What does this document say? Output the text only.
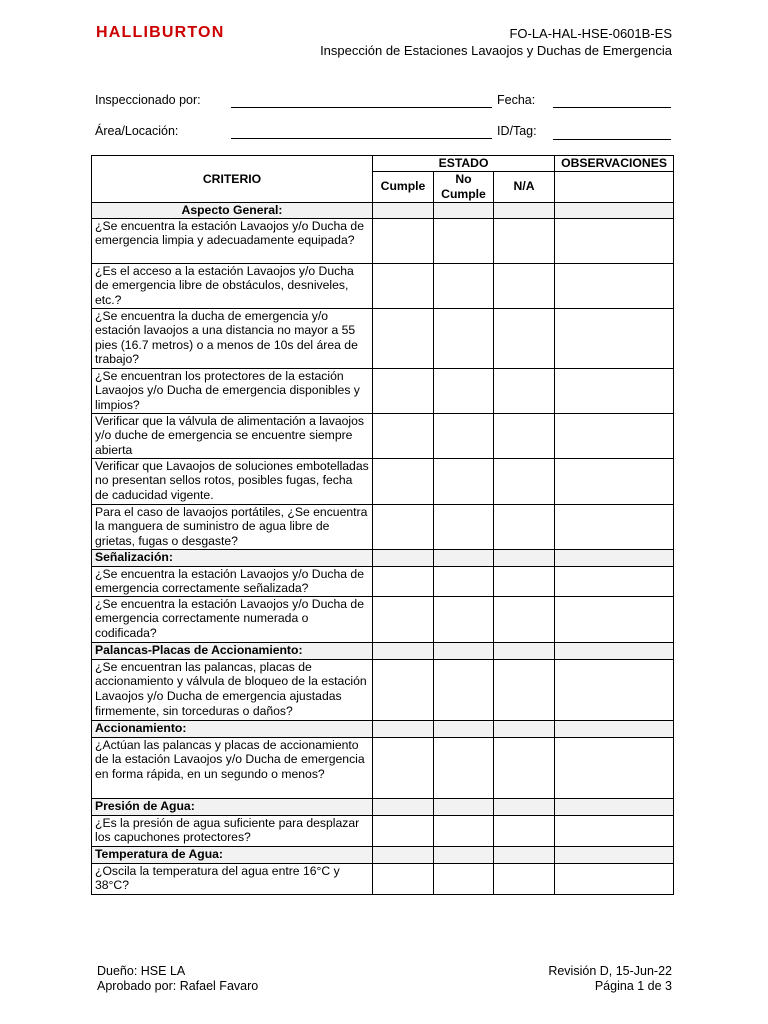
HALLIBURTON	FO-LA-HAL-HSE-0601B-ES
Inspección de Estaciones Lavaojos y Duchas de Emergencia
Inspeccionado por:	Fecha:
Área/Locación:	ID/Tag:
CRITERIO	ESTADO			OBSERVACIONES
	Cumple	No Cumple	N/A	
Aspecto General:				
¿Se encuentra la estación Lavaojos y/o Ducha de emergencia limpia y adecuadamente equipada?				
¿Es el acceso a la estación Lavaojos y/o Ducha de emergencia libre de obstáculos, desniveles, etc.?				
¿Se encuentra la ducha de emergencia y/o estación lavaojos a una distancia no mayor a 55 pies (16.7 metros) o a menos de 10s del área de trabajo?				
¿Se encuentran los protectores de la estación Lavaojos y/o Ducha de emergencia disponibles y limpios?				
Verificar que la válvula de alimentación a lavaojos y/o duche de emergencia se encuentre siempre abierta				
Verificar que Lavaojos de soluciones embotelladas no presentan sellos rotos, posibles fugas, fecha de caducidad vigente.				
Para el caso de lavaojos portátiles, ¿Se encuentra la manguera de suministro de agua libre de grietas, fugas o desgaste?				
Señalización:				
¿Se encuentra la estación Lavaojos y/o Ducha de emergencia correctamente señalizada?				
¿Se encuentra la estación Lavaojos y/o Ducha de emergencia correctamente numerada o codificada?				
Palancas-Placas de Accionamiento:				
¿Se encuentran las palancas, placas de accionamiento y válvula de bloqueo de la estación Lavaojos y/o Ducha de emergencia ajustadas firmemente, sin torceduras o daños?				
Accionamiento:				
¿Actúan las palancas y placas de accionamiento de la estación Lavaojos y/o Ducha de emergencia en forma rápida, en un segundo o menos?				
Presión de Agua:				
¿Es la presión de agua suficiente para desplazar los capuchones protectores?				
Temperatura de Agua:				
¿Oscila la temperatura del agua entre 16°C y 38°C?				
Dueño: HSE LA
Aprobado por: Rafael Favaro
Revisión D, 15-Jun-22
Página 1 de 3
